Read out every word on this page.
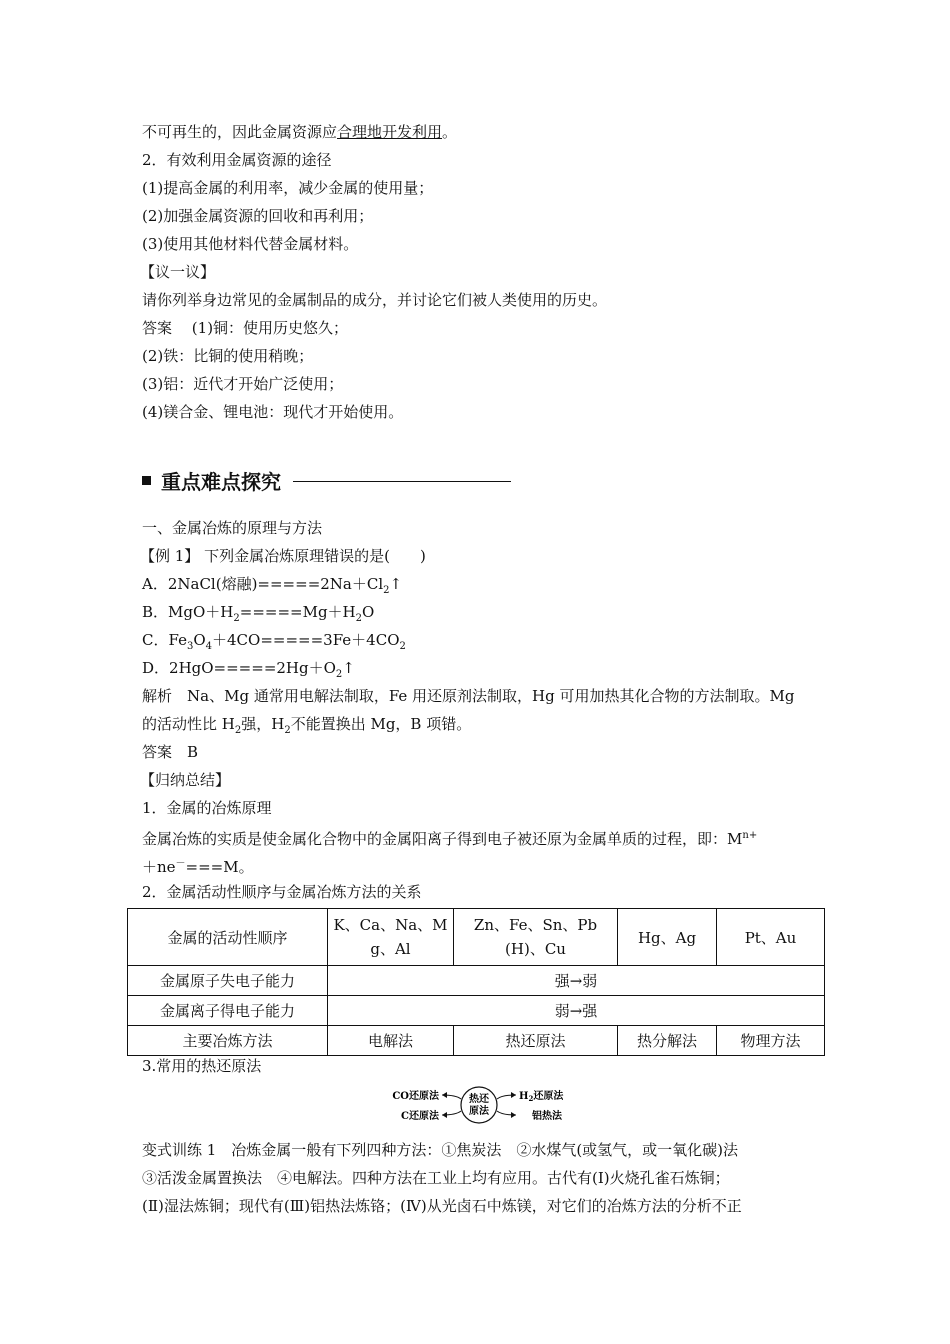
不可再生的，因此金属资源应合理地开发利用。
2．有效利用金属资源的途径
(1)提高金属的利用率，减少金属的使用量；
(2)加强金属资源的回收和再利用；
(3)使用其他材料代替金属材料。
【议一议】
请你列举身边常见的金属制品的成分，并讨论它们被人类使用的历史。
答案　 (1)铜：使用历史悠久；
(2)铁：比铜的使用稍晚；
(3)铝：近代才开始广泛使用；
(4)镁合金、锂电池：现代才开始使用。
重点难点探究
一、金属冶炼的原理与方法
【例 1】 下列金属冶炼原理错误的是(　　)
A．2NaCl(熔融)$=====2Na+Cl_2↑$
B．$MgO+H_2=====Mg+H_2O$
C．$Fe_3O_4+4CO=====3Fe+4CO_2$
D．$2HgO=====2Hg+O_2↑$
解析　 Na、Mg 通常用电解法制取，Fe 用还原剂法制取，Hg 可用加热其化合物的方法制取。Mg
的活动性比 $H_2$强，$H_2$不能置换出 Mg，B 项错。
答案　 B
【归纳总结】
1．金属的冶炼原理
金属冶炼的实质是使金属化合物中的金属阳离子得到电子被还原为金属单质的过程，即：$M^{n+}$
＋ne－===M。
2．金属活动性顺序与金属冶炼方法的关系
金属的活动性顺序	K、Ca、Na、Mg、Al	Zn、Fe、Sn、Pb(H)、Cu	Hg、Ag	Pt、Au
金属原子失电子能力	强→弱			
金属离子得电子能力	弱→强			
主要冶炼方法	电解法	热还原法	热分解法	物理方法
3.常用的热还原法
热还
原法
CO还原法
C还原法
$H_2$还原法
铝热法
变式训练 1　冶炼金属一般有下列四种方法：①焦炭法　②水煤气(或氢气，或一氧化碳)法
③活泼金属置换法　④电解法。四种方法在工业上均有应用。古代有(Ⅰ)火烧孔雀石炼铜；
(Ⅱ)湿法炼铜；现代有(Ⅲ)铝热法炼铬；(Ⅳ)从光卤石中炼镁，对它们的冶炼方法的分析不正
